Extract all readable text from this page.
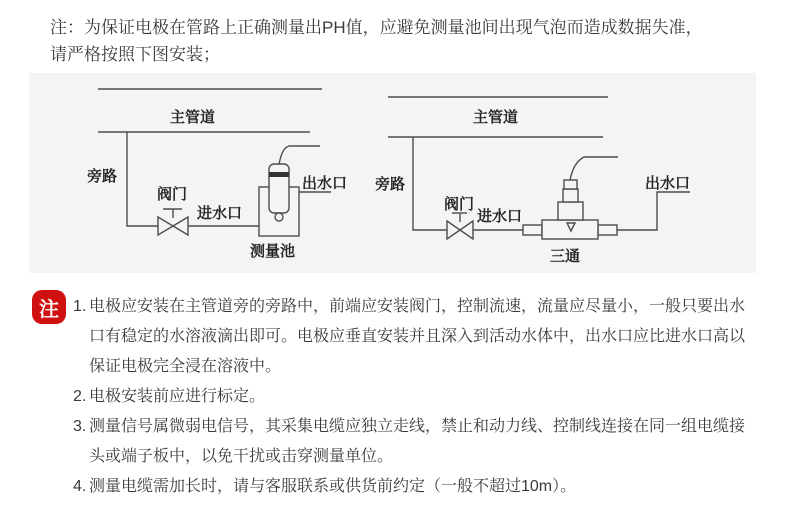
注：为保证电极在管路上正确测量出PH值，应避免测量池间出现气泡而造成数据失准，请严格按照下图安装；
主管道
旁路
阀门
进水口
出水口
测量池
主管道
旁路
阀门
进水口
出水口
三通
注 1. 电极应安装在主管道旁的旁路中，前端应安装阀门，控制流速，流量应尽量小，一般只要出水口有稳定的水溶液滴出即可。电极应垂直安装并且深入到活动水体中，出水口应比进水口高以保证电极完全浸在溶液中。
2. 电极安装前应进行标定。
3. 测量信号属微弱电信号，其采集电缆应独立走线，禁止和动力线、控制线连接在同一组电缆接头或端子板中，以免干扰或击穿测量单位。
4. 测量电缆需加长时，请与客服联系或供货前约定（一般不超过10m）。
